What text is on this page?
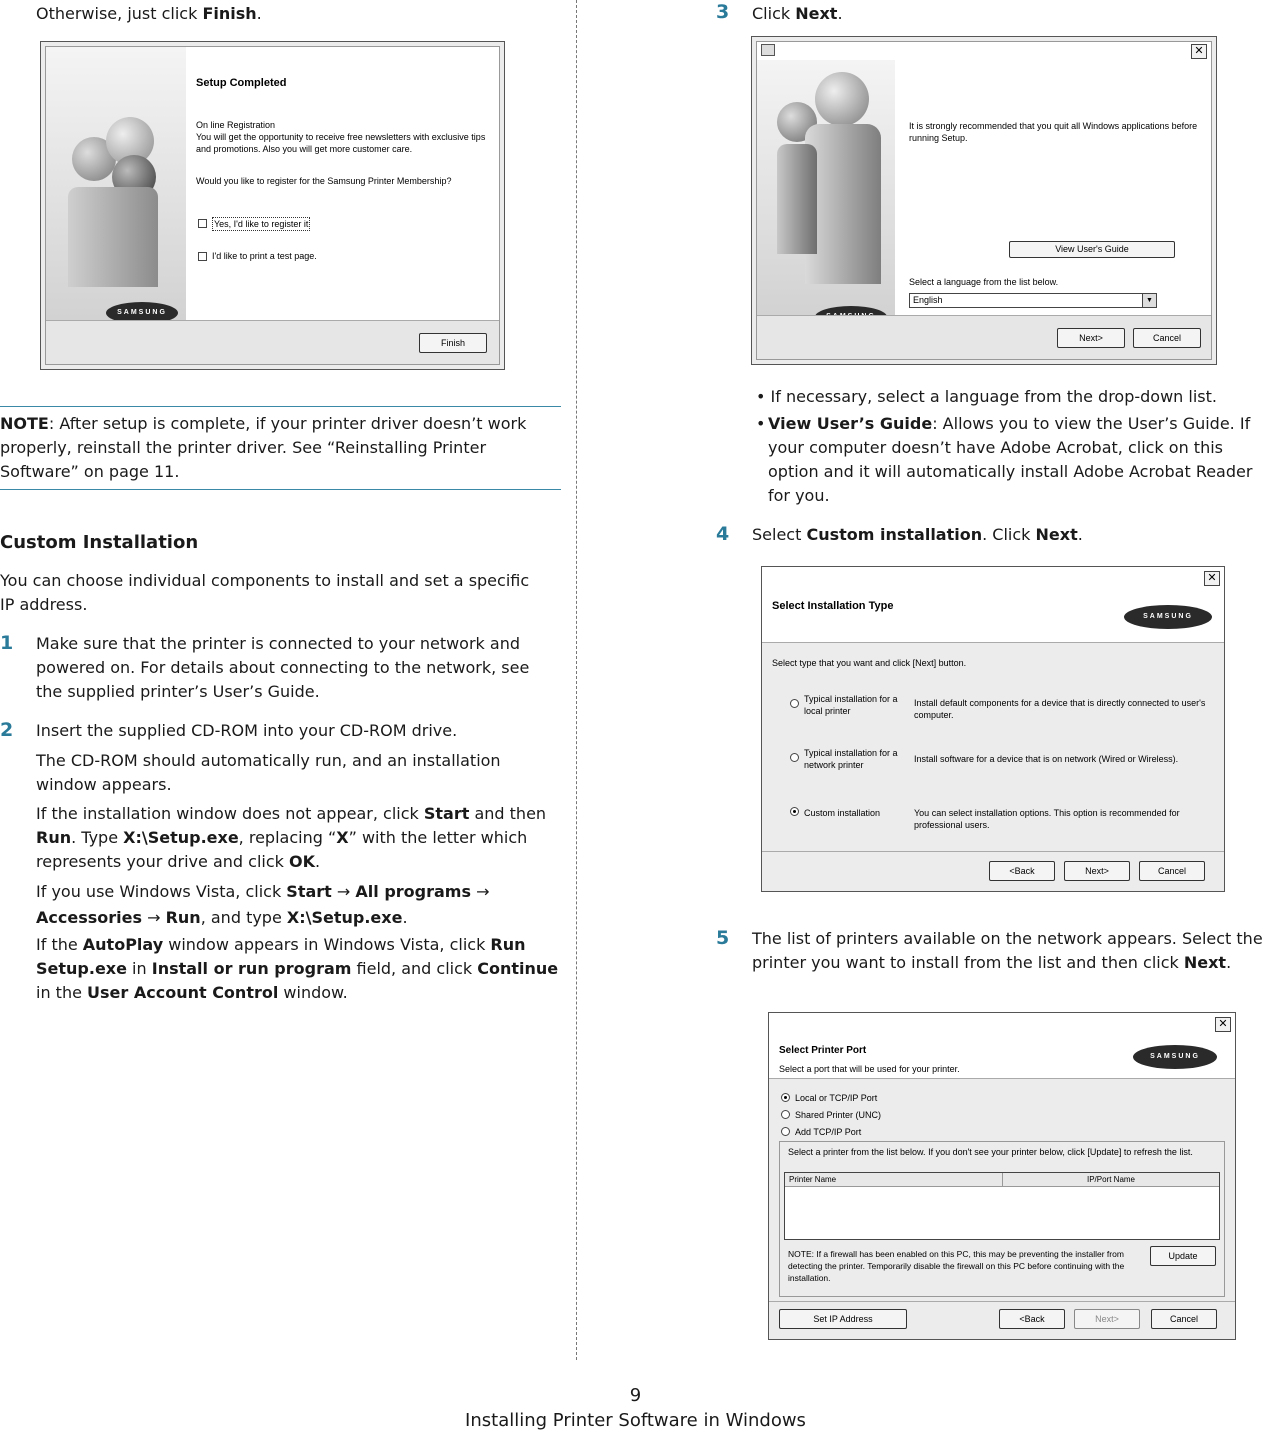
Otherwise, just click Finish.
SAMSUNG
Setup Completed
On line Registration
You will get the opportunity to receive free newsletters with exclusive tips and promotions. Also you will get more customer care.
Would you like to register for the Samsung Printer Membership?
Yes, I'd like to register it
I'd like to print a test page.
Finish
NOTE: After setup is complete, if your printer driver doesn’t work properly, reinstall the printer driver. See “Reinstalling Printer Software” on page 11.
Custom Installation
You can choose individual components to install and set a specific IP address.
1 Make sure that the printer is connected to your network and powered on. For details about connecting to the network, see the supplied printer’s User’s Guide.
2 Insert the supplied CD-ROM into your CD-ROM drive.
The CD-ROM should automatically run, and an installation window appears.
If the installation window does not appear, click Start and then Run. Type X:\Setup.exe, replacing “X” with the letter which represents your drive and click OK.
If you use Windows Vista, click Start → All programs → Accessories → Run, and type X:\Setup.exe.
If the AutoPlay window appears in Windows Vista, click Run Setup.exe in Install or run program field, and click Continue in the User Account Control window.
3 Click Next.
✕
It is strongly recommended that you quit all Windows applications before running Setup.
View User's Guide
Select a language from the list below.
English	▼
Next>	Cancel
• If necessary, select a language from the drop-down list.
• View User’s Guide: Allows you to view the User’s Guide. If your computer doesn’t have Adobe Acrobat, click on this option and it will automatically install Adobe Acrobat Reader for you.
4 Select Custom installation. Click Next.
✕
Select Installation Type
SAMSUNG
Select type that you want and click [Next] button.
Typical installation for a local printer
Install default components for a device that is directly connected to user's computer.
Typical installation for a network printer
Install software for a device that is on network (Wired or Wireless).
Custom installation	You can select installation options. This option is recommended for professional users.
<Back	Next>	Cancel
5 The list of printers available on the network appears. Select the printer you want to install from the list and then click Next.
✕
Select Printer Port
Select a port that will be used for your printer.
SAMSUNG
Local or TCP/IP Port
Shared Printer (UNC)
Add TCP/IP Port
Select a printer from the list below. If you don't see your printer below, click [Update] to refresh the list.
Printer Name	IP/Port Name
NOTE: If a firewall has been enabled on this PC, this may be preventing the installer from detecting the printer. Temporarily disable the firewall on this PC before continuing with the installation.
Update
Set IP Address	<Back	Next>	Cancel
9
Installing Printer Software in Windows
